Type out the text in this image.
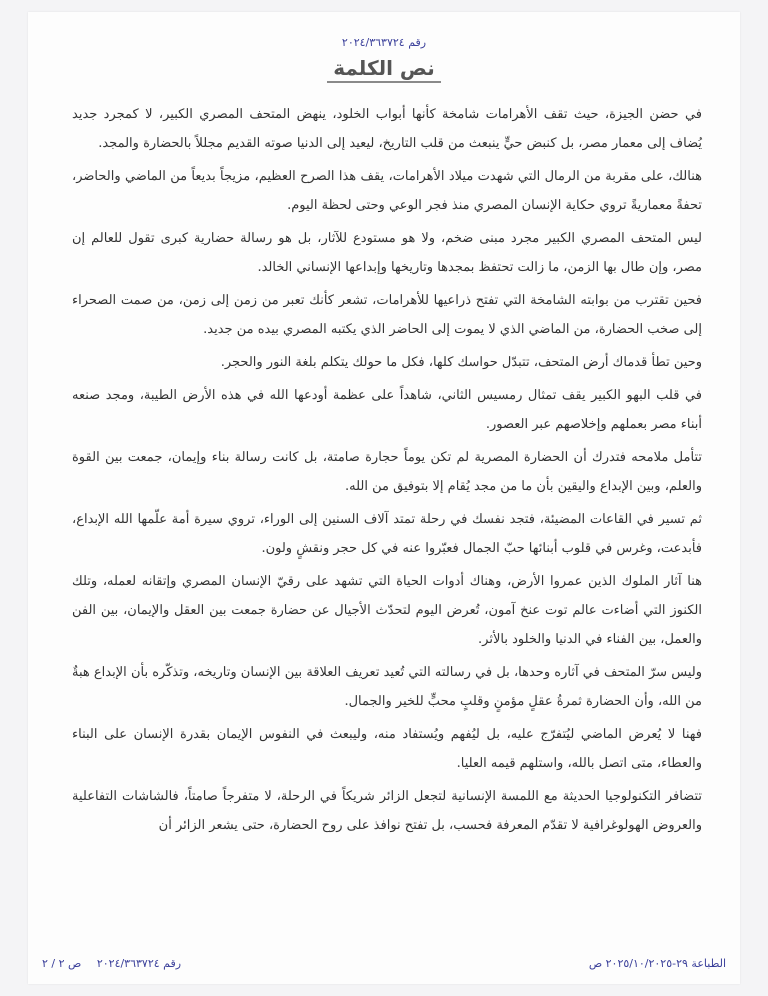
رقم ٢٠٢٤/٣٦٣٧٢٤
نص الكلمة

في حضن الجيزة، حيث تقف الأهرامات شامخة كأنها أبواب الخلود، ينهض المتحف المصري الكبير، لا كمجرد جديد يُضاف إلى معمار مصر، بل كنبض حيٍّ ينبعث من قلب التاريخ، ليعيد إلى الدنيا صوته القديم مجللاً بالحضارة والمجد.

هنالك، على مقربة من الرمال التي شهدت ميلاد الأهرامات، يقف هذا الصرح العظيم، مزيجاً بديعاً من الماضي والحاضر، تحفةً معماريةً تروي حكاية الإنسان المصري منذ فجر الوعي وحتى لحظة اليوم.

ليس المتحف المصري الكبير مجرد مبنى ضخم، ولا هو مستودع للآثار، بل هو رسالة حضارية كبرى تقول للعالم إن مصر، وإن طال بها الزمن، ما زالت تحتفظ بمجدها وتاريخها وإبداعها الإنساني الخالد.

فحين تقترب من بوابته الشامخة التي تفتح ذراعيها للأهرامات، تشعر كأنك تعبر من زمن إلى زمن، من صمت الصحراء إلى صخب الحضارة، من الماضي الذي لا يموت إلى الحاضر الذي يكتبه المصري بيده من جديد.

وحين تطأ قدماك أرض المتحف، تتبدّل حواسك كلها، فكل ما حولك يتكلم بلغة النور والحجر.

في قلب البهو الكبير يقف تمثال رمسيس الثاني، شاهداً على عظمة أودعها الله في هذه الأرض الطيبة، ومجد صنعه أبناء مصر بعملهم وإخلاصهم عبر العصور.

تتأمل ملامحه فتدرك أن الحضارة المصرية لم تكن يوماً حجارة صامتة، بل كانت رسالة بناء وإيمان، جمعت بين القوة والعلم، وبين الإبداع واليقين بأن ما من مجد يُقام إلا بتوفيق من الله.

ثم تسير في القاعات المضيئة، فتجد نفسك في رحلة تمتد آلاف السنين إلى الوراء، تروي سيرة أمة علّمها الله الإبداع، فأبدعت، وغرس في قلوب أبنائها حبّ الجمال فعبّروا عنه في كل حجر ونقشٍ ولون.

هنا آثار الملوك الذين عمروا الأرض، وهناك أدوات الحياة التي تشهد على رقيّ الإنسان المصري وإتقانه لعمله، وتلك الكنوز التي أضاءت عالم توت عنخ آمون، تُعرض اليوم لتحدّث الأجيال عن حضارة جمعت بين العقل والإيمان، بين الفن والعمل، بين الفناء في الدنيا والخلود بالأثر.

وليس سرّ المتحف في آثاره وحدها، بل في رسالته التي تُعيد تعريف العلاقة بين الإنسان وتاريخه، وتذكّره بأن الإبداع هبةٌ من الله، وأن الحضارة ثمرةُ عقلٍ مؤمنٍ وقلبٍ محبٍّ للخير والجمال.

فهنا لا يُعرض الماضي ليُتفرّج عليه، بل ليُفهم ويُستفاد منه، وليبعث في النفوس الإيمان بقدرة الإنسان على البناء والعطاء، متى اتصل بالله، واستلهم قيمه العليا.

تتضافر التكنولوجيا الحديثة مع اللمسة الإنسانية لتجعل الزائر شريكاً في الرحلة، لا متفرجاً صامتاً، فالشاشات التفاعلية والعروض الهولوغرافية لا تقدّم المعرفة فحسب، بل تفتح نوافذ على روح الحضارة، حتى يشعر الزائر أن

رقم ٢٠٢٤/٣٦٣٧٢٤ ص ٢ / ٢	الطباعة ٢٩-٢٠٢٥/١٠/٢٠٢٥ ص
